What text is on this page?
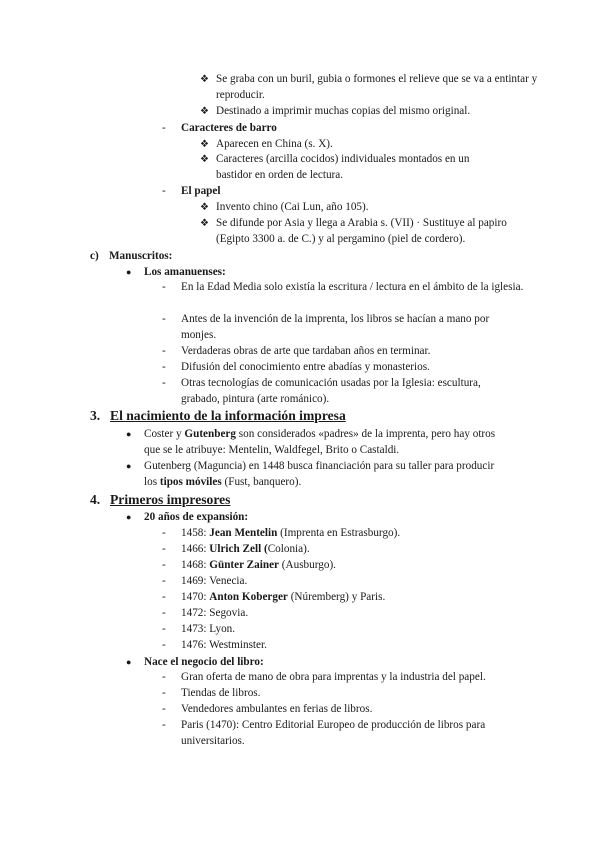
❖ Se graba con un buril, gubia o formones el relieve que se va a entintar y reproducir.
❖ Destinado a imprimir muchas copias del mismo original.
-	Caracteres de barro
❖ Aparecen en China (s. X).
❖ Caracteres (arcilla cocidos) individuales montados en un bastidor en orden de lectura.
-	El papel
❖ Invento chino (Cai Lun, año 105).
❖ Se difunde por Asia y llega a Arabia s. (VII) · Sustituye al papiro (Egipto 3300 a. de C.) y al pergamino (piel de cordero).
c) Manuscritos:
●	Los amanuenses:
-	En la Edad Media solo existía la escritura / lectura en el ámbito de la iglesia.
-	Antes de la invención de la imprenta, los libros se hacían a mano por monjes.
-	Verdaderas obras de arte que tardaban años en terminar.
-	Difusión del conocimiento entre abadías y monasterios.
-	Otras tecnologías de comunicación usadas por la Iglesia: escultura, grabado, pintura (arte románico).
3. El nacimiento de la información impresa
●	Coster y Gutenberg son considerados «padres» de la imprenta, pero hay otros que se le atribuye: Mentelin, Waldfegel, Brito o Castaldi.
●	Gutenberg (Maguncia) en 1448 busca financiación para su taller para producir los tipos móviles (Fust, banquero).
4. Primeros impresores
●	20 años de expansión:
-	1458: Jean Mentelin (Imprenta en Estrasburgo).
-	1466: Ulrich Zell (Colonia).
-	1468: Günter Zainer (Ausburgo).
-	1469: Venecia.
-	1470: Anton Koberger (Núremberg) y Paris.
-	1472: Segovia.
-	1473: Lyon.
-	1476: Westminster.
●	Nace el negocio del libro:
-	Gran oferta de mano de obra para imprentas y la industria del papel.
-	Tiendas de libros.
-	Vendedores ambulantes en ferias de libros.
-	Paris (1470): Centro Editorial Europeo de producción de libros para universitarios.
